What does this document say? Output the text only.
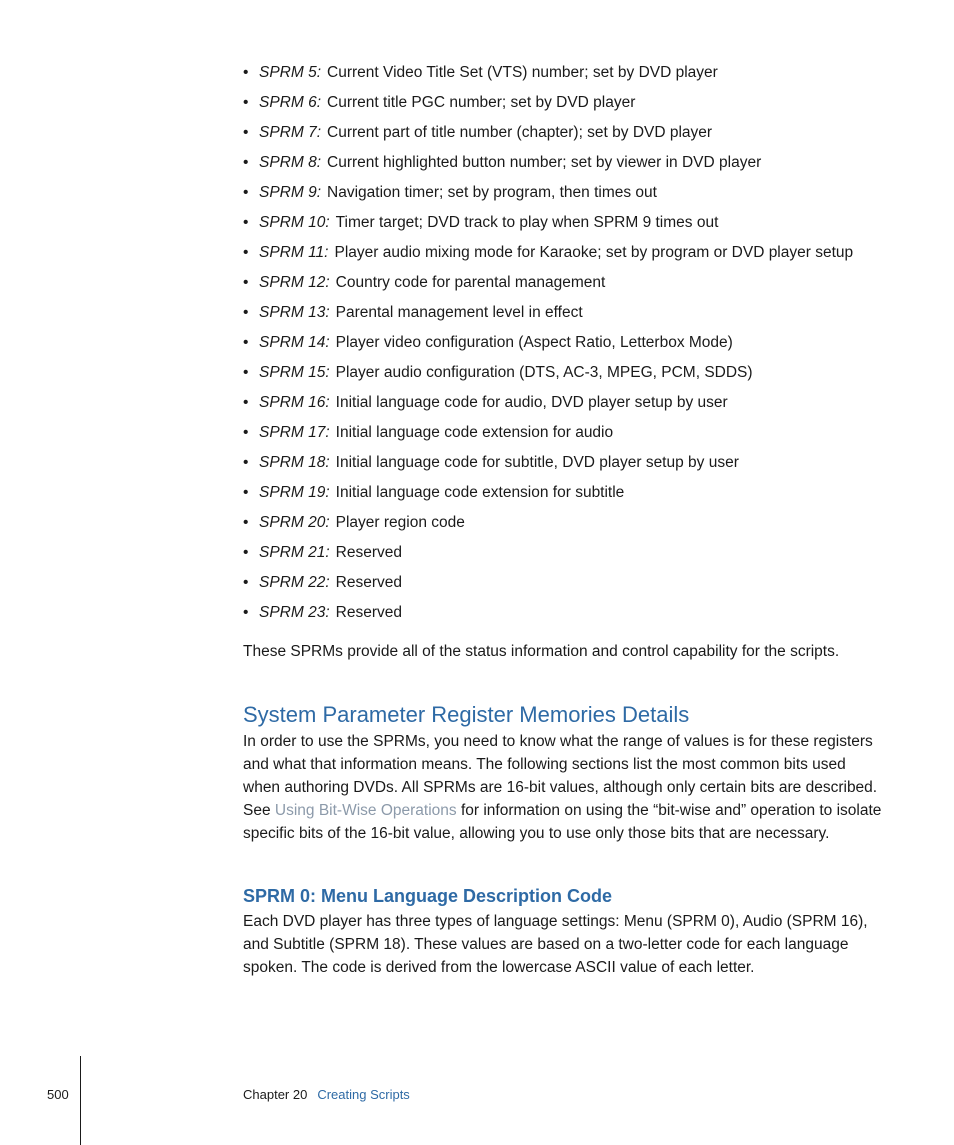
• SPRM 5: Current Video Title Set (VTS) number; set by DVD player
• SPRM 6: Current title PGC number; set by DVD player
• SPRM 7: Current part of title number (chapter); set by DVD player
• SPRM 8: Current highlighted button number; set by viewer in DVD player
• SPRM 9: Navigation timer; set by program, then times out
• SPRM 10: Timer target; DVD track to play when SPRM 9 times out
• SPRM 11: Player audio mixing mode for Karaoke; set by program or DVD player setup
• SPRM 12: Country code for parental management
• SPRM 13: Parental management level in effect
• SPRM 14: Player video configuration (Aspect Ratio, Letterbox Mode)
• SPRM 15: Player audio configuration (DTS, AC-3, MPEG, PCM, SDDS)
• SPRM 16: Initial language code for audio, DVD player setup by user
• SPRM 17: Initial language code extension for audio
• SPRM 18: Initial language code for subtitle, DVD player setup by user
• SPRM 19: Initial language code extension for subtitle
• SPRM 20: Player region code
• SPRM 21: Reserved
• SPRM 22: Reserved
• SPRM 23: Reserved

These SPRMs provide all of the status information and control capability for the scripts.

System Parameter Register Memories Details

In order to use the SPRMs, you need to know what the range of values is for these registers and what that information means. The following sections list the most common bits used when authoring DVDs. All SPRMs are 16-bit values, although only certain bits are described. See Using Bit-Wise Operations for information on using the “bit-wise and” operation to isolate specific bits of the 16-bit value, allowing you to use only those bits that are necessary.

SPRM 0: Menu Language Description Code

Each DVD player has three types of language settings: Menu (SPRM 0), Audio (SPRM 16), and Subtitle (SPRM 18). These values are based on a two-letter code for each language spoken. The code is derived from the lowercase ASCII value of each letter.

500	Chapter 20 Creating Scripts
